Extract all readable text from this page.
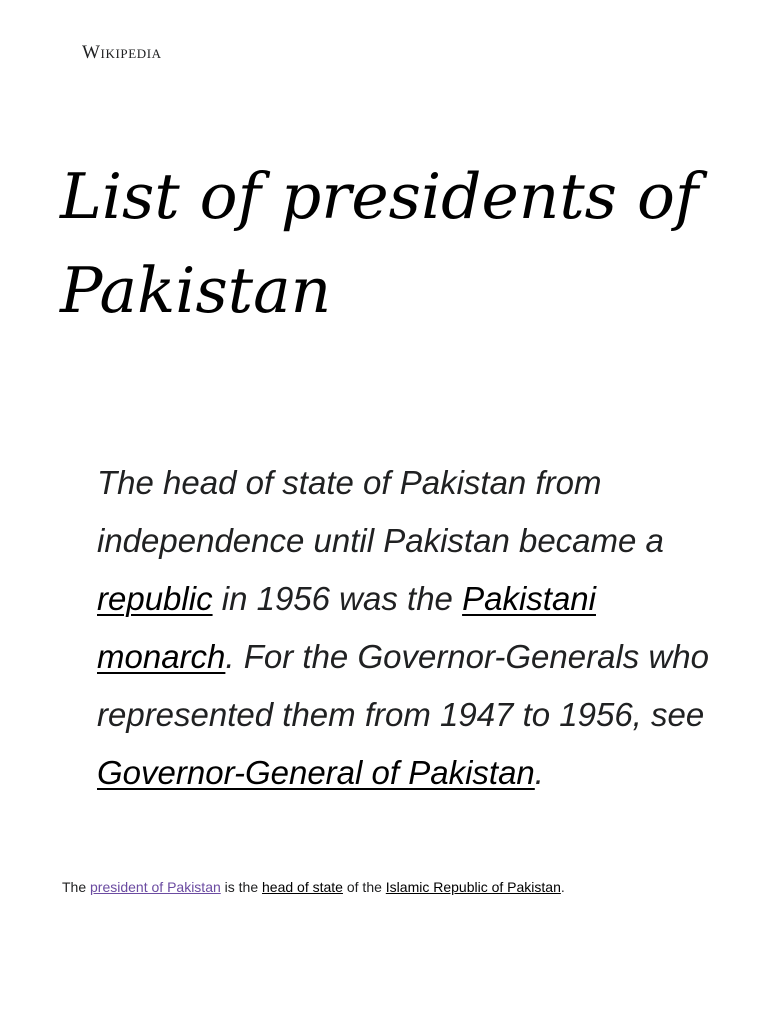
Wikipedia
List of presidents of Pakistan

The head of state of Pakistan from independence until Pakistan became a republic in 1956 was the Pakistani monarch. For the Governor-Generals who represented them from 1947 to 1956, see Governor-General of Pakistan.

The president of Pakistan is the head of state of the Islamic Republic of Pakistan.
